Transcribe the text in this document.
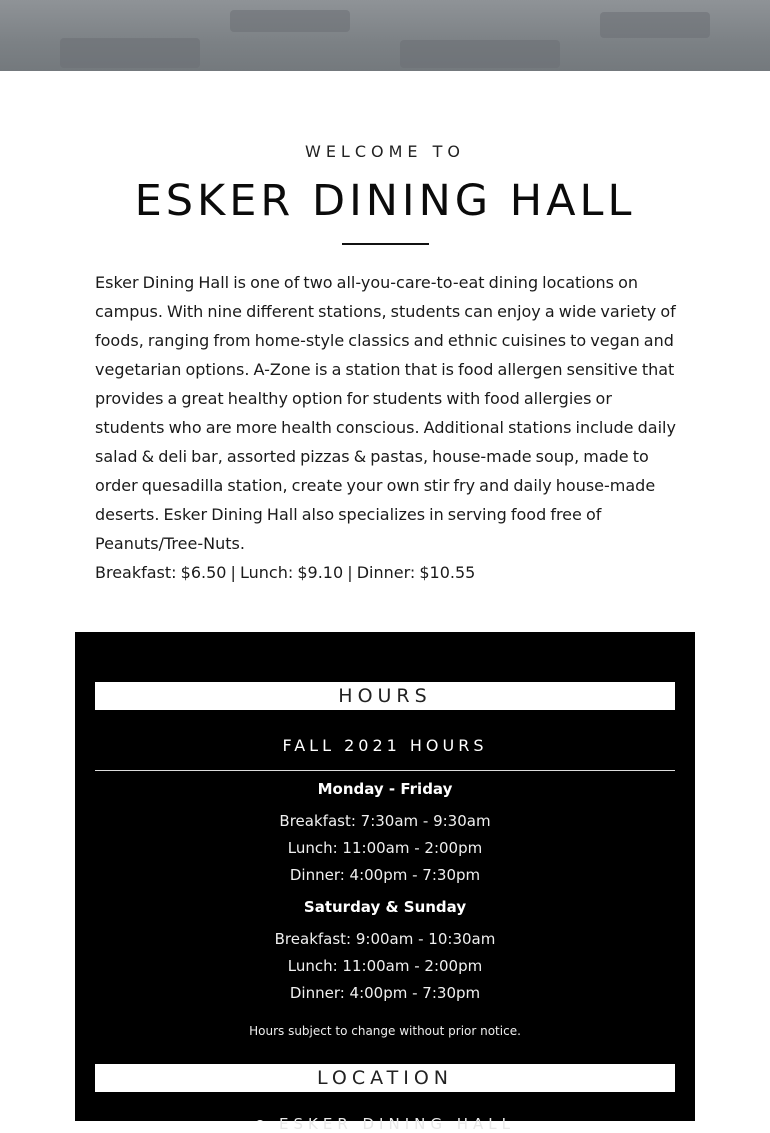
WELCOME TO
ESKER DINING HALL

Esker Dining Hall is one of two all-you-care-to-eat dining locations on campus. With nine different stations, students can enjoy a wide variety of foods, ranging from home-style classics and ethnic cuisines to vegan and vegetarian options. A-Zone is a station that is food allergen sensitive that provides a great healthy option for students with food allergies or students who are more health conscious. Additional stations include daily salad & deli bar, assorted pizzas & pastas, house-made soup, made to order quesadilla station, create your own stir fry and daily house-made deserts. Esker Dining Hall also specializes in serving food free of Peanuts/Tree-Nuts.

Breakfast: $6.50 | Lunch: $9.10 | Dinner: $10.55

HOURS
FALL 2021 HOURS
Monday - Friday
Breakfast: 7:30am - 9:30am
Lunch: 11:00am - 2:00pm
Dinner: 4:00pm - 7:30pm
Saturday & Sunday
Breakfast: 9:00am - 10:30am
Lunch: 11:00am - 2:00pm
Dinner: 4:00pm - 7:30pm
Hours subject to change without prior notice.
LOCATION
ESKER DINING HALL
